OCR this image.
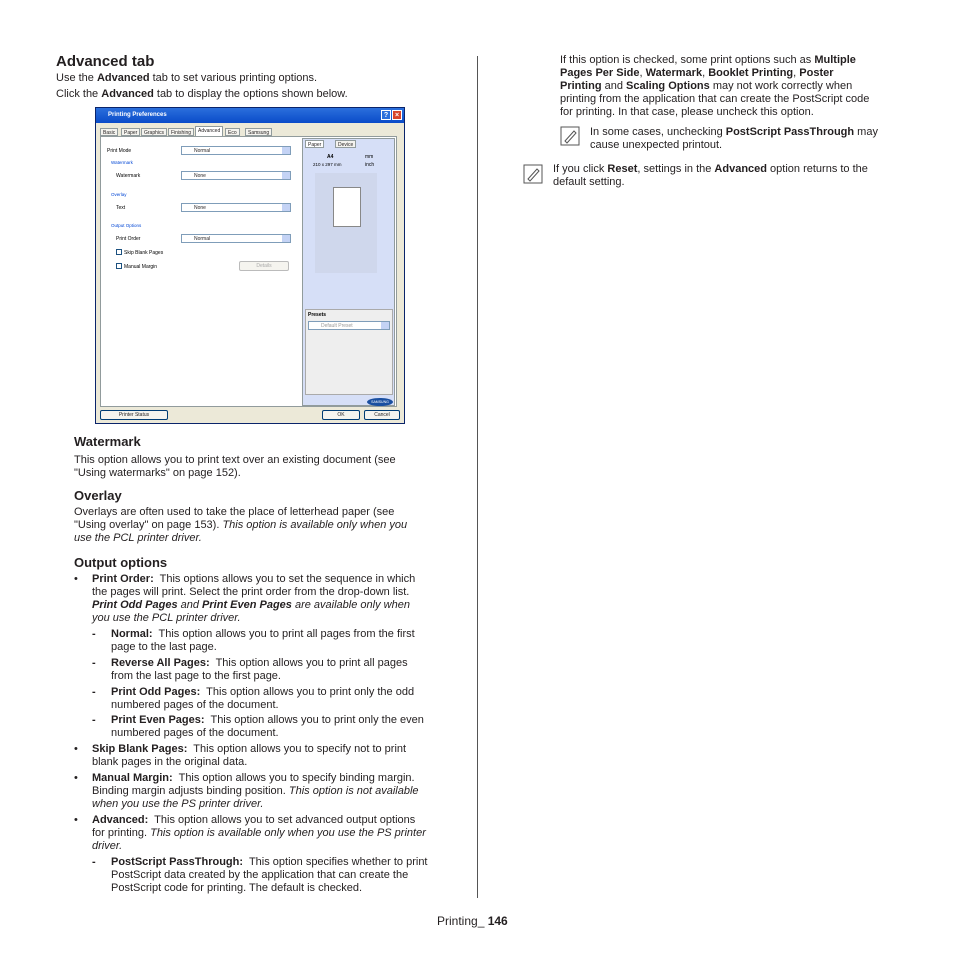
Advanced tab
Use the Advanced tab to set various printing options.
Click the Advanced tab to display the options shown below.
Printing Preferences	? ×
Basic	Paper	Graphics	Finishing	Advanced	Eco	Samsung
Print Mode	Normal
Watermark
Watermark	None
Overlay
Text	None
Output Options
Print Order	Normal
Skip Blank Pages
Manual Margin	Details
Paper	Device
A4
210 x 297 mm
mm
inch
Presets
Default Preset
SAMSUNG
Printer Status	OK	Cancel
Watermark
This option allows you to print text over an existing document (see
"Using watermarks" on page 152).
Overlay
Overlays are often used to take the place of letterhead paper (see
"Using overlay" on page 153). This option is available only when you
use the PCL printer driver.
Output options
• Print Order: This options allows you to set the sequence in which
the pages will print. Select the print order from the drop-down list.
Print Odd Pages and Print Even Pages are available only when
you use the PCL printer driver.
- Normal: This option allows you to print all pages from the first
page to the last page.
- Reverse All Pages: This option allows you to print all pages
from the last page to the first page.
- Print Odd Pages: This option allows you to print only the odd
numbered pages of the document.
- Print Even Pages: This option allows you to print only the even
numbered pages of the document.
• Skip Blank Pages: This option allows you to specify not to print
blank pages in the original data.
• Manual Margin: This option allows you to specify binding margin.
Binding margin adjusts binding position. This option is not available
when you use the PS printer driver.
• Advanced: This option allows you to set advanced output options
for printing. This option is available only when you use the PS printer
driver.
- PostScript PassThrough: This option specifies whether to print
PostScript data created by the application that can create the
PostScript code for printing. The default is checked.
If this option is checked, some print options such as Multiple
Pages Per Side, Watermark, Booklet Printing, Poster
Printing and Scaling Options may not work correctly when
printing from the application that can create the PostScript code
for printing. In that case, please uncheck this option.
In some cases, unchecking PostScript PassThrough may
cause unexpected printout.
If you click Reset, settings in the Advanced option returns to the
default setting.
Printing_ 146
